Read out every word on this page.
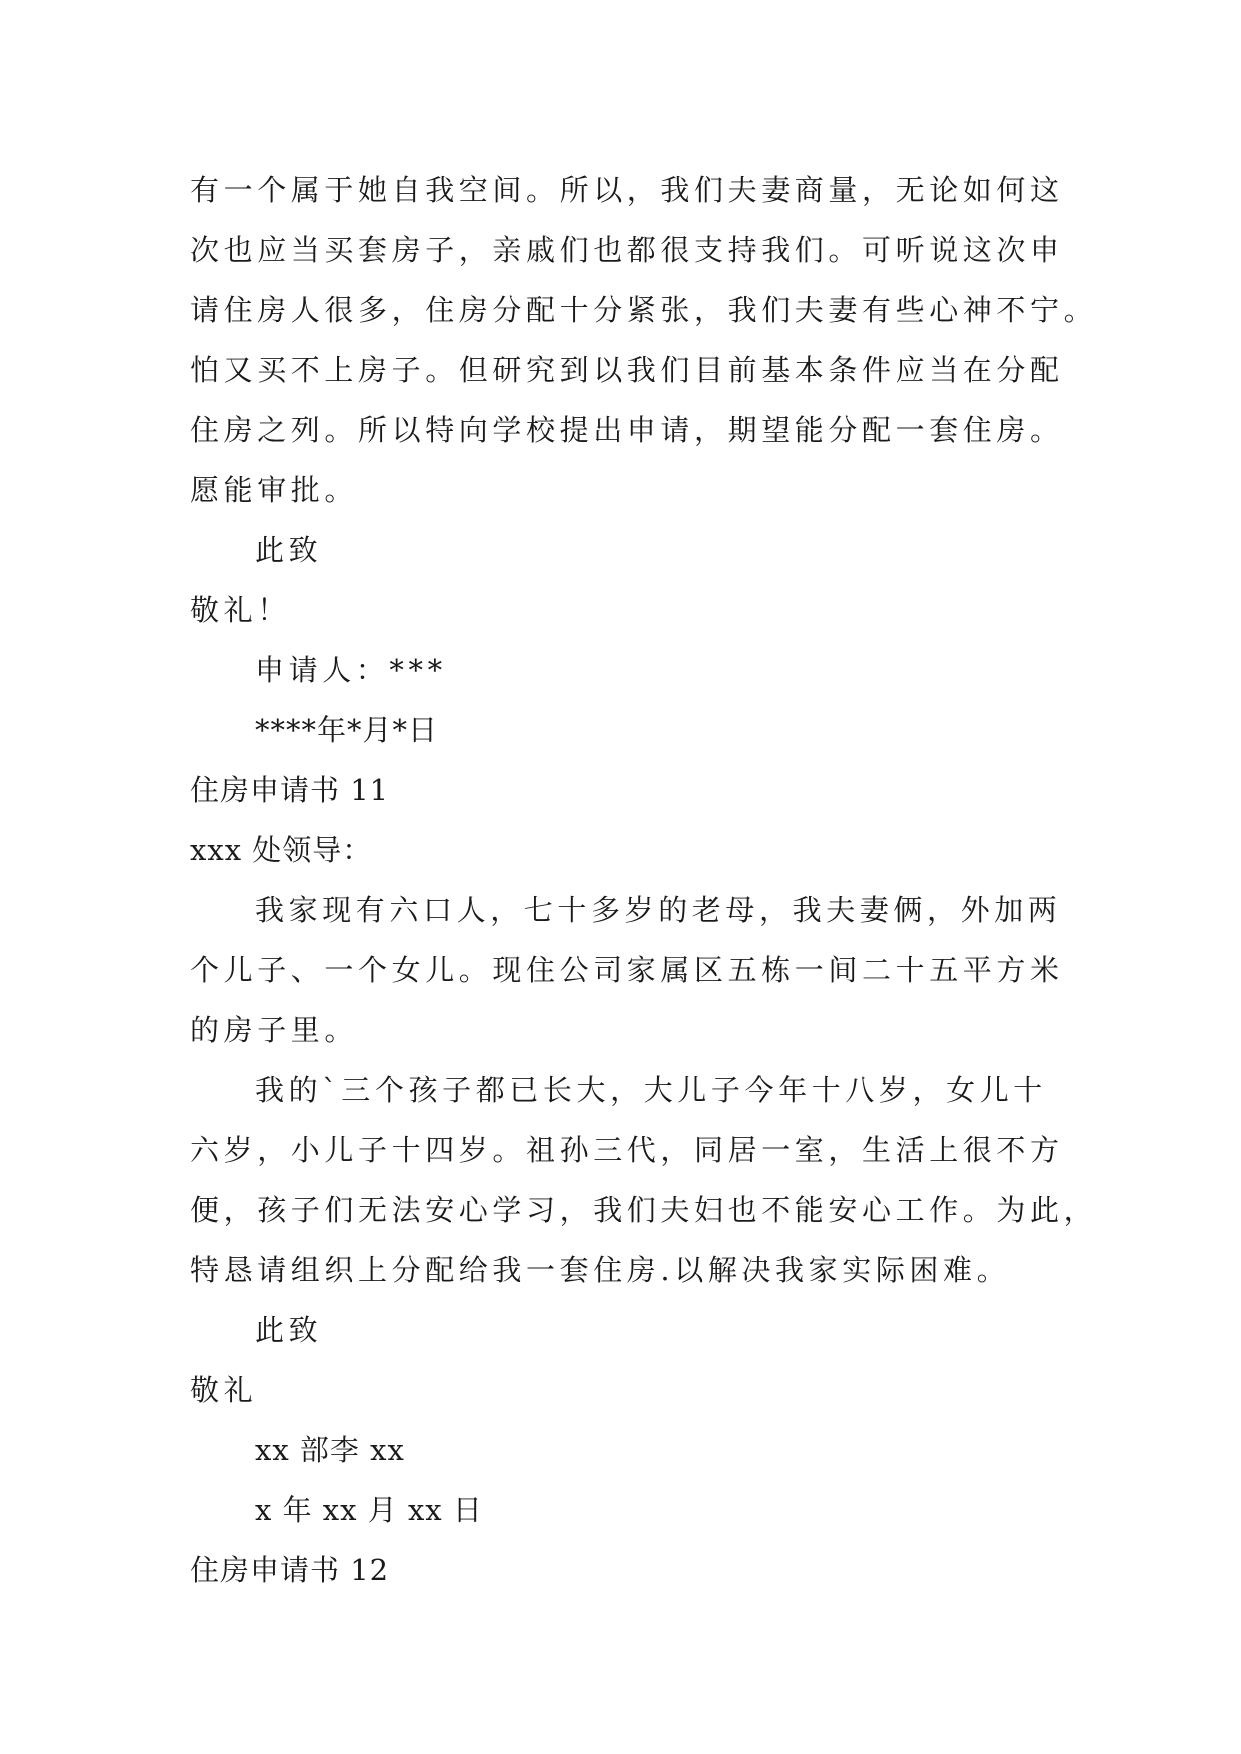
有一个属于她自我空间。所以，我们夫妻商量，无论如何这
次也应当买套房子，亲戚们也都很支持我们。可听说这次申
请住房人很多，住房分配十分紧张，我们夫妻有些心神不宁。
怕又买不上房子。但研究到以我们目前基本条件应当在分配
住房之列。所以特向学校提出申请，期望能分配一套住房。
愿能审批。
此致
敬礼！
申请人：***
****年*月*日
住房申请书 11
xxx 处领导：
我家现有六口人，七十多岁的老母，我夫妻俩，外加两
个儿子、一个女儿。现住公司家属区五栋一间二十五平方米
的房子里。
我的`三个孩子都已长大，大儿子今年十八岁，女儿十
六岁，小儿子十四岁。祖孙三代，同居一室，生活上很不方
便，孩子们无法安心学习，我们夫妇也不能安心工作。为此，
特恳请组织上分配给我一套住房.以解决我家实际困难。
此致
敬礼
xx 部李 xx
x 年 xx 月 xx 日
住房申请书 12
